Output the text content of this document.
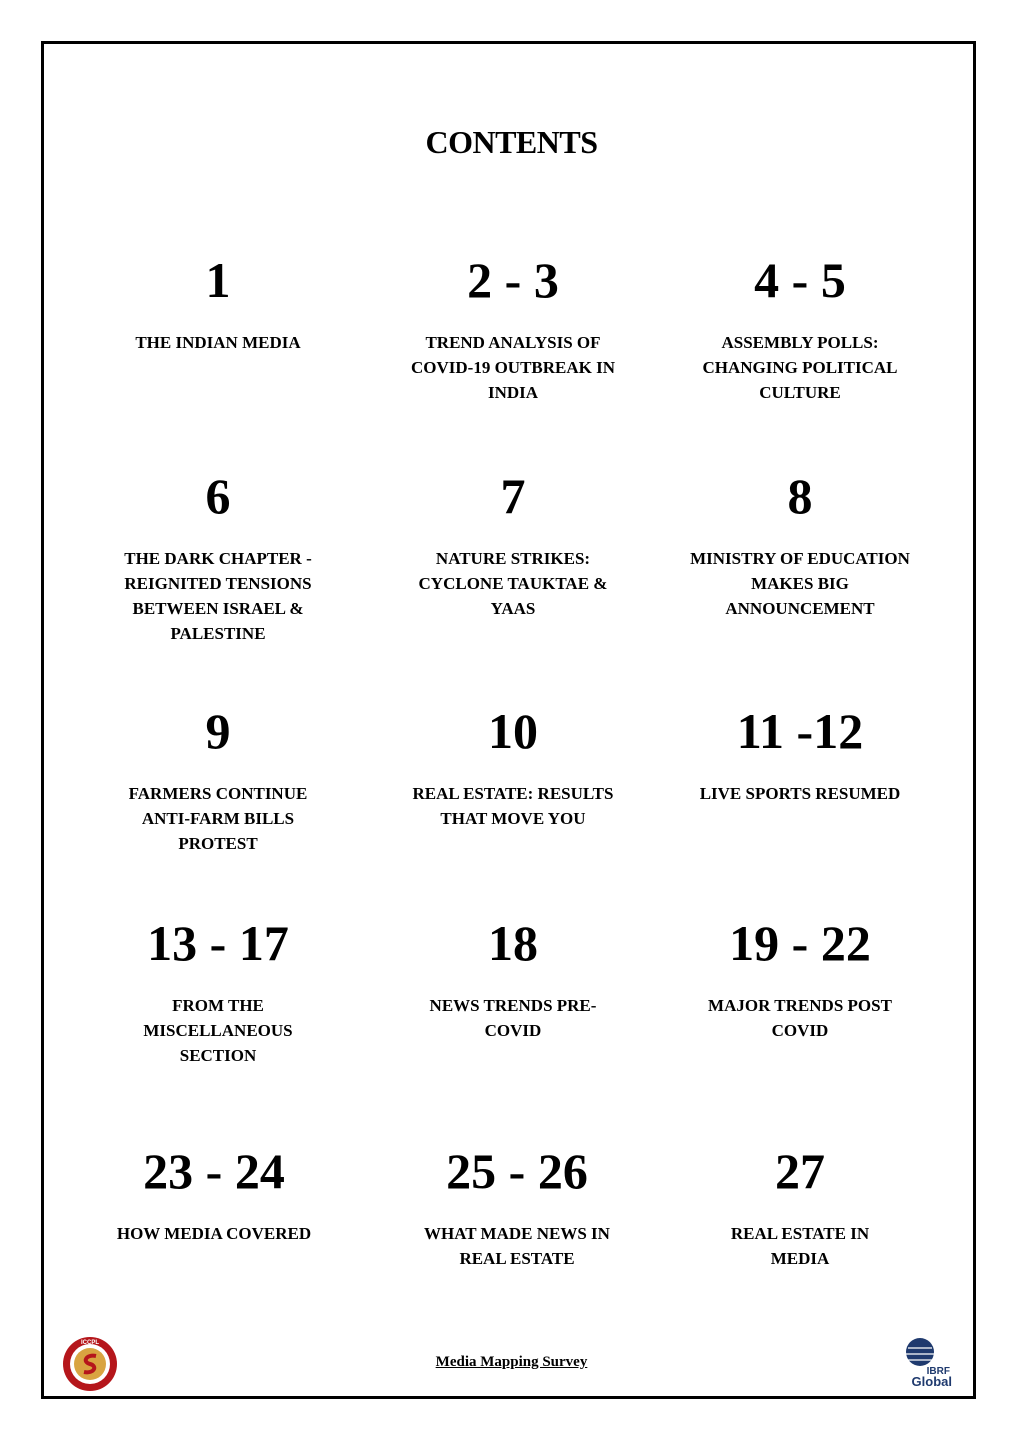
CONTENTS
1
THE INDIAN MEDIA
2 - 3
TREND ANALYSIS OF COVID-19 OUTBREAK IN INDIA
4 - 5
ASSEMBLY POLLS: CHANGING POLITICAL CULTURE
6
THE DARK CHAPTER - REIGNITED TENSIONS BETWEEN ISRAEL & PALESTINE
7
NATURE STRIKES: CYCLONE TAUKTAE & YAAS
8
MINISTRY OF EDUCATION MAKES BIG ANNOUNCEMENT
9
FARMERS CONTINUE ANTI-FARM BILLS PROTEST
10
REAL ESTATE: RESULTS THAT MOVE YOU
11 -12
LIVE SPORTS RESUMED
13 - 17
FROM THE MISCELLANEOUS SECTION
18
NEWS TRENDS PRE-COVID
19 - 22
MAJOR TRENDS POST COVID
23 - 24
HOW MEDIA COVERED
25 - 26
WHAT MADE NEWS IN REAL ESTATE
27
REAL ESTATE IN MEDIA
ICCPL
Media Mapping Survey
IBRF
Global
